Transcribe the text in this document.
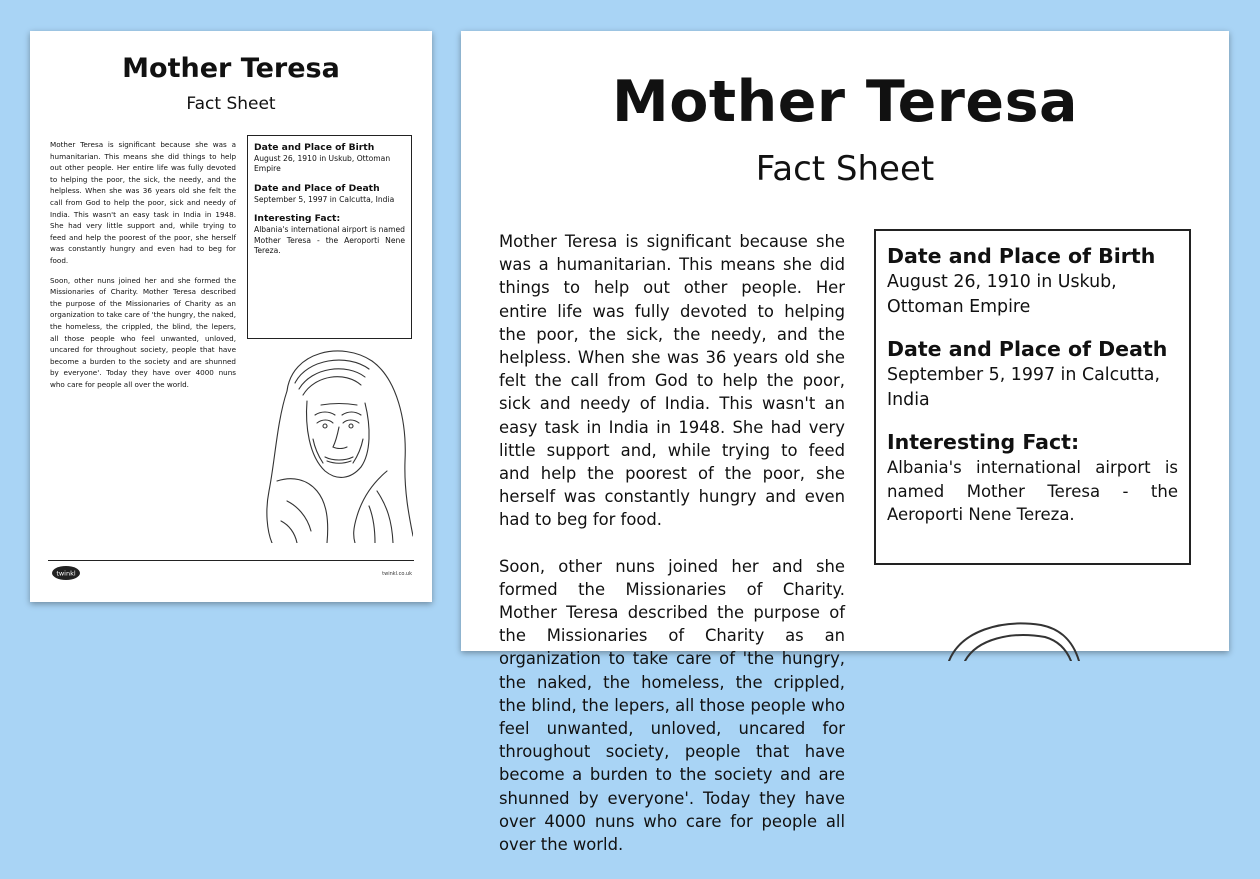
Mother Teresa
Fact Sheet

Mother Teresa is significant because she was a humanitarian. This means she did things to help out other people. Her entire life was fully devoted to helping the poor, the sick, the needy, and the helpless. When she was 36 years old she felt the call from God to help the poor, sick and needy of India. This wasn't an easy task in India in 1948. She had very little support and, while trying to feed and help the poorest of the poor, she herself was constantly hungry and even had to beg for food.

Soon, other nuns joined her and she formed the Missionaries of Charity. Mother Teresa described the purpose of the Missionaries of Charity as an organization to take care of 'the hungry, the naked, the homeless, the crippled, the blind, the lepers, all those people who feel unwanted, unloved, uncared for throughout society, people that have become a burden to the society and are shunned by everyone'. Today they have over 4000 nuns who care for people all over the world.

Date and Place of Birth
August 26, 1910 in Uskub, Ottoman Empire
Date and Place of Death
September 5, 1997 in Calcutta, India
Interesting Fact:
Albania's international airport is named Mother Teresa - the Aeroporti Nene Tereza.
twinkl	twinkl.co.uk
Mother Teresa
Fact Sheet

Mother Teresa is significant because she was a humanitarian. This means she did things to help out other people. Her entire life was fully devoted to helping the poor, the sick, the needy, and the helpless. When she was 36 years old she felt the call from God to help the poor, sick and needy of India. This wasn't an easy task in India in 1948. She had very little support and, while trying to feed and help the poorest of the poor, she herself was constantly hungry and even had to beg for food.

Soon, other nuns joined her and she formed the Missionaries of Charity. Mother Teresa described the purpose of the Missionaries of Charity as an organization to take care of 'the hungry, the naked, the homeless, the crippled, the blind, the lepers, all those people who feel unwanted, unloved, uncared for throughout society, people that have become a burden to the society and are shunned by everyone'. Today they have over 4000 nuns who care for people all over the world.

Date and Place of Birth
August 26, 1910 in Uskub, Ottoman Empire
Date and Place of Death
September 5, 1997 in Calcutta, India
Interesting Fact:
Albania's international airport is named Mother Teresa - the Aeroporti Nene Tereza.
